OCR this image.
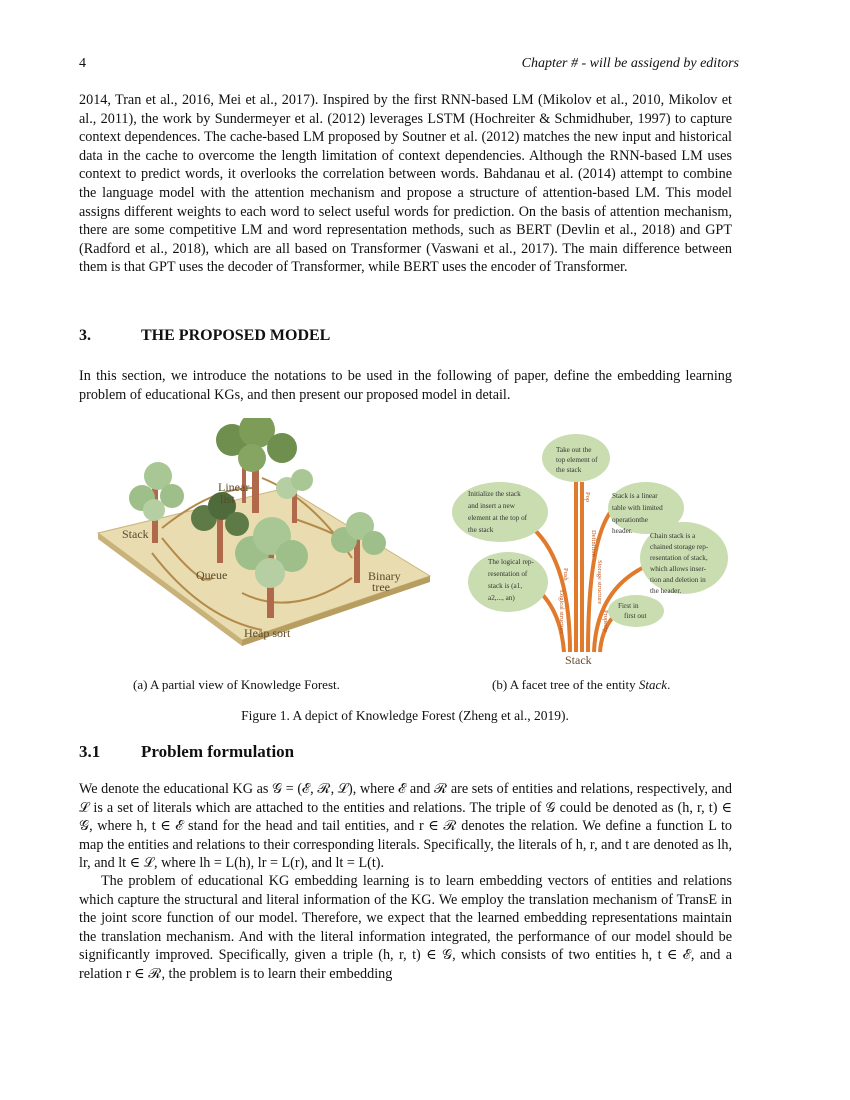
4	Chapter # - will be assigend by editors

2014, Tran et al., 2016, Mei et al., 2017). Inspired by the first RNN-based LM (Mikolov et al., 2010, Mikolov et al., 2011), the work by Sundermeyer et al. (2012) leverages LSTM (Hochreiter & Schmidhuber, 1997) to capture context dependences. The cache-based LM proposed by Soutner et al. (2012) matches the new input and historical data in the cache to overcome the length limitation of context dependencies. Although the RNN-based LM uses context to predict words, it overlooks the correlation between words. Bahdanau et al. (2014) attempt to combine the language model with the attention mechanism and propose a structure of attention-based LM. This model assigns different weights to each word to select useful words for prediction. On the basis of attention mechanism, there are some competitive LM and word representation methods, such as BERT (Devlin et al., 2018) and GPT (Radford et al., 2018), which are all based on Transformer (Vaswani et al., 2017). The main difference between them is that GPT uses the decoder of Transformer, while BERT uses the encoder of Transformer.

3.	THE PROPOSED MODEL

In this section, we introduce the notations to be used in the following of paper, define the embedding learning problem of educational KGs, and then present our proposed model in detail.

Linear
list
Stack
Queue	Binary
tree
Heap sort
Take out the
top element of
the stack
Initialize the stack
and insert a new
element at the top of
the stack
Stack is a linear
table with limited
operationthe
header.
Chain stack is a
chained storage rep-
resentation of stack,
which allows inser-
tion and deletion in
the header.
The logical rep-
resentation of
stack is (a1,
a2,..., an)
First in
first out
Push
Pop
Definition
Logical structure
Storage structure
Property
Stack
(a) A partial view of Knowledge Forest.	(b) A facet tree of the entity Stack.
Figure 1. A depict of Knowledge Forest (Zheng et al., 2019).
3.1 Problem formulation

We denote the educational KG as 𝒢 = (ℰ, ℛ, ℒ), where ℰ and ℛ are sets of entities and relations, respectively, and ℒ is a set of literals which are attached to the entities and relations. The triple of 𝒢 could be denoted as (h, r, t) ∈ 𝒢, where h, t ∈ ℰ stand for the head and tail entities, and r ∈ ℛ denotes the relation. We define a function L to map the entities and relations to their corresponding literals. Specifically, the literals of h, r, and t are denoted as lh, lr, and lt ∈ ℒ, where lh = L(h), lr = L(r), and lt = L(t).

The problem of educational KG embedding learning is to learn embedding vectors of entities and relations which capture the structural and literal information of the KG. We employ the translation mechanism of TransE in the joint score function of our model. Therefore, we expect that the learned embedding representations maintain the translation mechanism. And with the literal information integrated, the performance of our model should be significantly improved. Specifically, given a triple (h, r, t) ∈ 𝒢, which consists of two entities h, t ∈ ℰ, and a relation r ∈ ℛ, the problem is to learn their embedding
